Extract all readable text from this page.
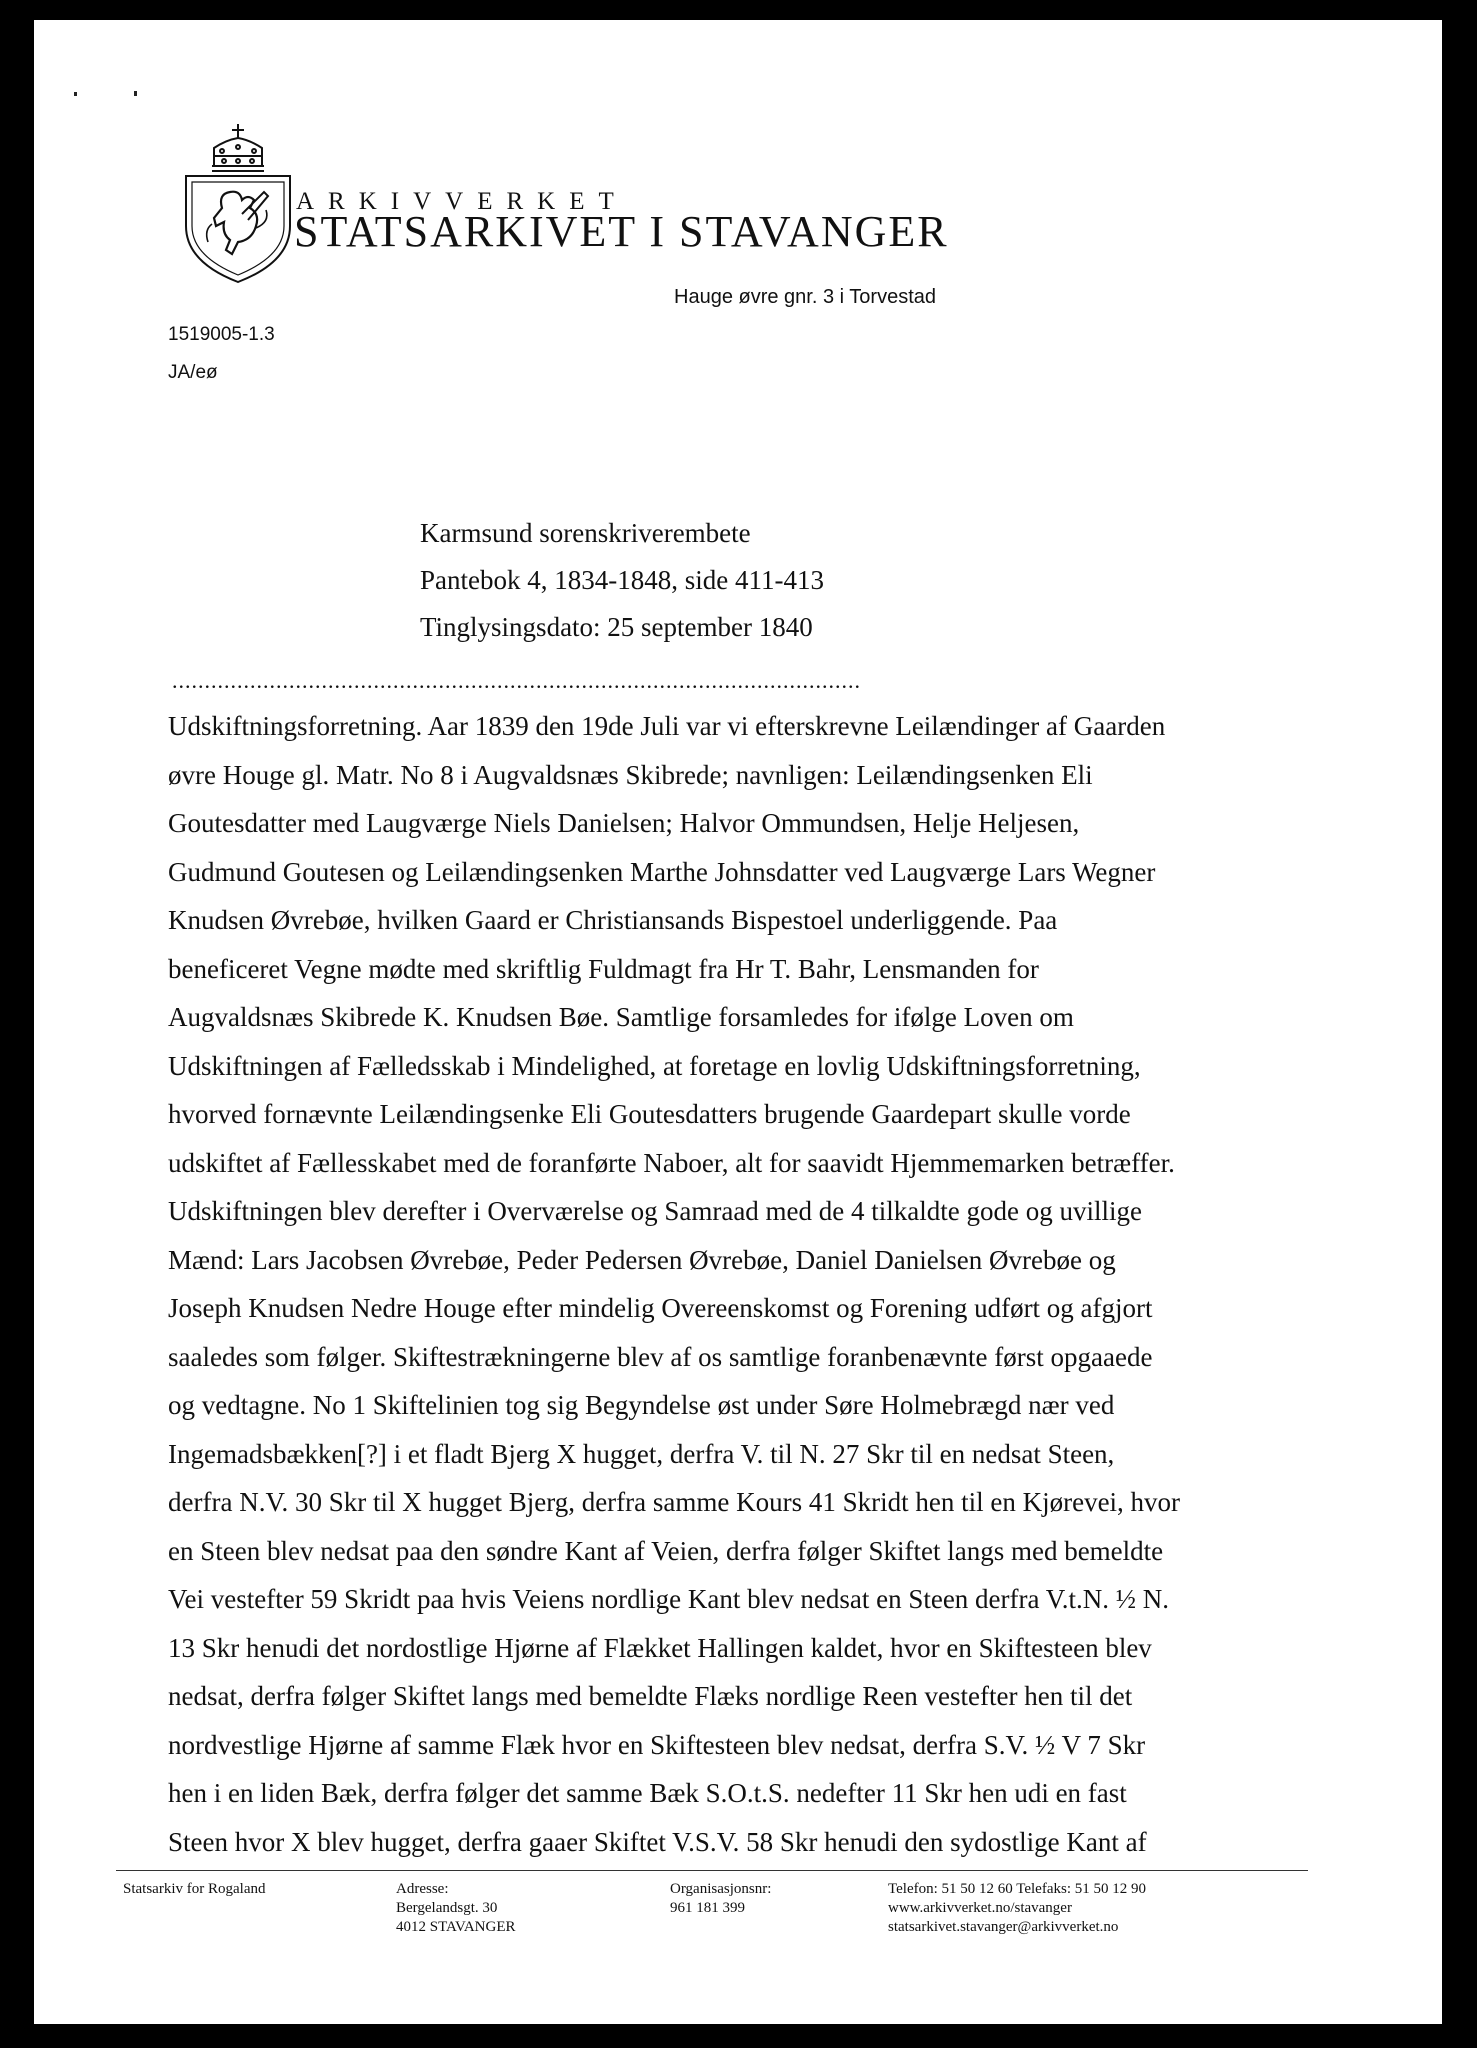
ARKIVVERKET
STATSARKIVET I STAVANGER
Hauge øvre gnr. 3 i Torvestad
1519005-1.3
JA/eø
Karmsund sorenskriverembete
Pantebok 4, 1834-1848, side 411-413
Tinglysingsdato: 25 september 1840
..........................................................................................................
Udskiftningsforretning. Aar 1839 den 19de Juli var vi efterskrevne Leilændinger af Gaarden
øvre Houge gl. Matr. No 8 i Augvaldsnæs Skibrede; navnligen: Leilændingsenken Eli
Goutesdatter med Laugværge Niels Danielsen; Halvor Ommundsen, Helje Heljesen,
Gudmund Goutesen og Leilændingsenken Marthe Johnsdatter ved Laugværge Lars Wegner
Knudsen Øvrebøe, hvilken Gaard er Christiansands Bispestoel underliggende. Paa
beneficeret Vegne mødte med skriftlig Fuldmagt fra Hr T. Bahr, Lensmanden for
Augvaldsnæs Skibrede K. Knudsen Bøe. Samtlige forsamledes for ifølge Loven om
Udskiftningen af Fælledsskab i Mindelighed, at foretage en lovlig Udskiftningsforretning,
hvorved fornævnte Leilændingsenke Eli Goutesdatters brugende Gaardepart skulle vorde
udskiftet af Fællesskabet med de foranførte Naboer, alt for saavidt Hjemmemarken betræffer.
Udskiftningen blev derefter i Overværelse og Samraad med de 4 tilkaldte gode og uvillige
Mænd: Lars Jacobsen Øvrebøe, Peder Pedersen Øvrebøe, Daniel Danielsen Øvrebøe og
Joseph Knudsen Nedre Houge efter mindelig Overeenskomst og Forening udført og afgjort
saaledes som følger. Skiftestrækningerne blev af os samtlige foranbenævnte først opgaaede
og vedtagne. No 1 Skiftelinien tog sig Begyndelse øst under Søre Holmebrægd nær ved
Ingemadsbækken[?] i et fladt Bjerg X hugget, derfra V. til N. 27 Skr til en nedsat Steen,
derfra N.V. 30 Skr til X hugget Bjerg, derfra samme Kours 41 Skridt hen til en Kjørevei, hvor
en Steen blev nedsat paa den søndre Kant af Veien, derfra følger Skiftet langs med bemeldte
Vei vestefter 59 Skridt paa hvis Veiens nordlige Kant blev nedsat en Steen derfra V.t.N. ½ N.
13 Skr henudi det nordostlige Hjørne af Flækket Hallingen kaldet, hvor en Skiftesteen blev
nedsat, derfra følger Skiftet langs med bemeldte Flæks nordlige Reen vestefter hen til det
nordvestlige Hjørne af samme Flæk hvor en Skiftesteen blev nedsat, derfra S.V. ½ V 7 Skr
hen i en liden Bæk, derfra følger det samme Bæk S.O.t.S. nedefter 11 Skr hen udi en fast
Steen hvor X blev hugget, derfra gaaer Skiftet V.S.V. 58 Skr henudi den sydostlige Kant af
Statsarkiv for Rogaland	Adresse:
Bergelandsgt. 30
4012 STAVANGER
Organisasjonsnr:
961 181 399
Telefon: 51 50 12 60 Telefaks: 51 50 12 90
www.arkivverket.no/stavanger
statsarkivet.stavanger@arkivverket.no
